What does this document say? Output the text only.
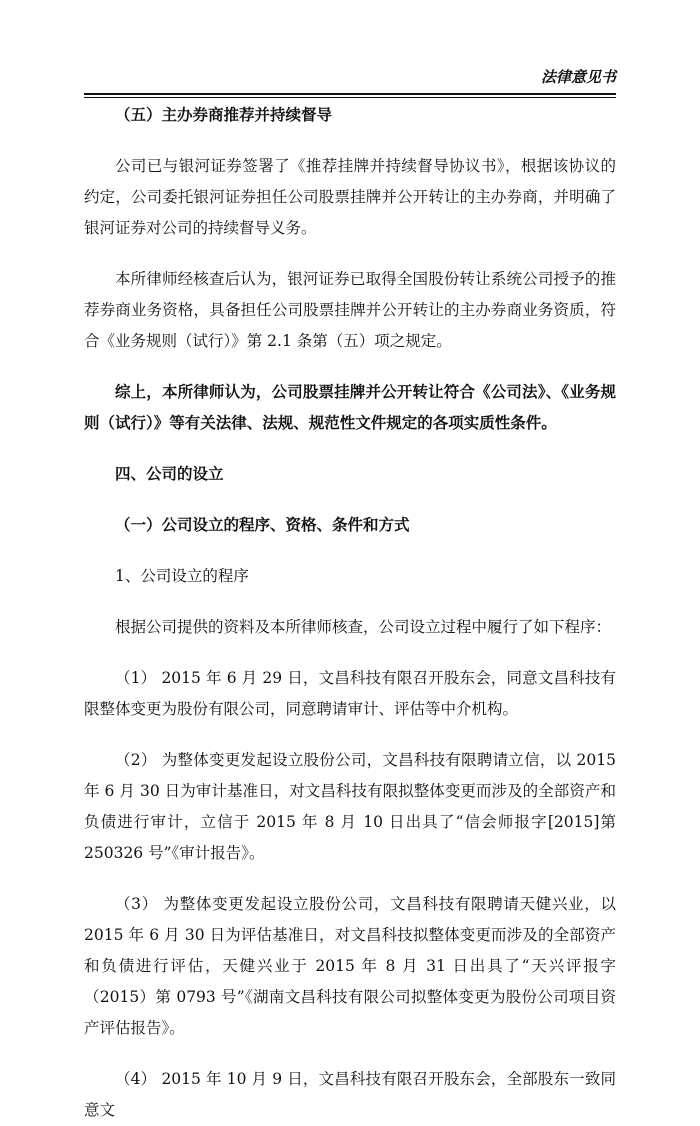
法律意见书

（五）主办券商推荐并持续督导

公司已与银河证券签署了《推荐挂牌并持续督导协议书》，根据该协议的约定，公司委托银河证券担任公司股票挂牌并公开转让的主办券商，并明确了银河证券对公司的持续督导义务。

本所律师经核查后认为，银河证券已取得全国股份转让系统公司授予的推荐券商业务资格，具备担任公司股票挂牌并公开转让的主办券商业务资质，符合《业务规则（试行）》第 2.1 条第（五）项之规定。

综上，本所律师认为，公司股票挂牌并公开转让符合《公司法》、《业务规则（试行）》等有关法律、法规、规范性文件规定的各项实质性条件。

四、公司的设立

（一）公司设立的程序、资格、条件和方式

1、公司设立的程序

根据公司提供的资料及本所律师核查，公司设立过程中履行了如下程序：

（1） 2015 年 6 月 29 日，文昌科技有限召开股东会，同意文昌科技有限整体变更为股份有限公司，同意聘请审计、评估等中介机构。

（2） 为整体变更发起设立股份公司，文昌科技有限聘请立信，以 2015 年 6 月 30 日为审计基准日，对文昌科技有限拟整体变更而涉及的全部资产和负债进行审计，立信于 2015 年 8 月 10 日出具了“信会师报字[2015]第 250326 号”《审计报告》。

（3） 为整体变更发起设立股份公司，文昌科技有限聘请天健兴业，以 2015 年 6 月 30 日为评估基准日，对文昌科技拟整体变更而涉及的全部资产和负债进行评估，天健兴业于 2015 年 8 月 31 日出具了“天兴评报字（2015）第 0793 号”《湖南文昌科技有限公司拟整体变更为股份公司项目资产评估报告》。

（4） 2015 年 10 月 9 日，文昌科技有限召开股东会，全部股东一致同意文
